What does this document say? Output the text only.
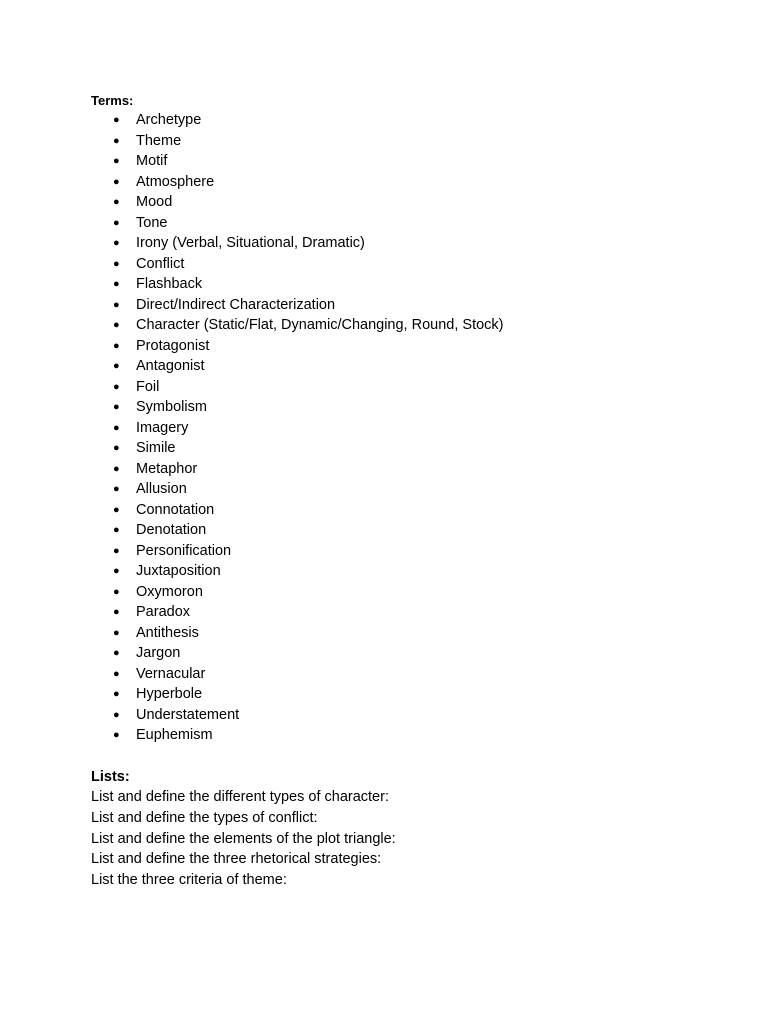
Terms:
● Archetype
● Theme
● Motif
● Atmosphere
● Mood
● Tone
● Irony (Verbal, Situational, Dramatic)
● Conflict
● Flashback
● Direct/Indirect Characterization
● Character (Static/Flat, Dynamic/Changing, Round, Stock)
● Protagonist
● Antagonist
● Foil
● Symbolism
● Imagery
● Simile
● Metaphor
● Allusion
● Connotation
● Denotation
● Personification
● Juxtaposition
● Oxymoron
● Paradox
● Antithesis
● Jargon
● Vernacular
● Hyperbole
● Understatement
● Euphemism
Lists:
List and define the different types of character:
List and define the types of conflict:
List and define the elements of the plot triangle:
List and define the three rhetorical strategies:
List the three criteria of theme:
